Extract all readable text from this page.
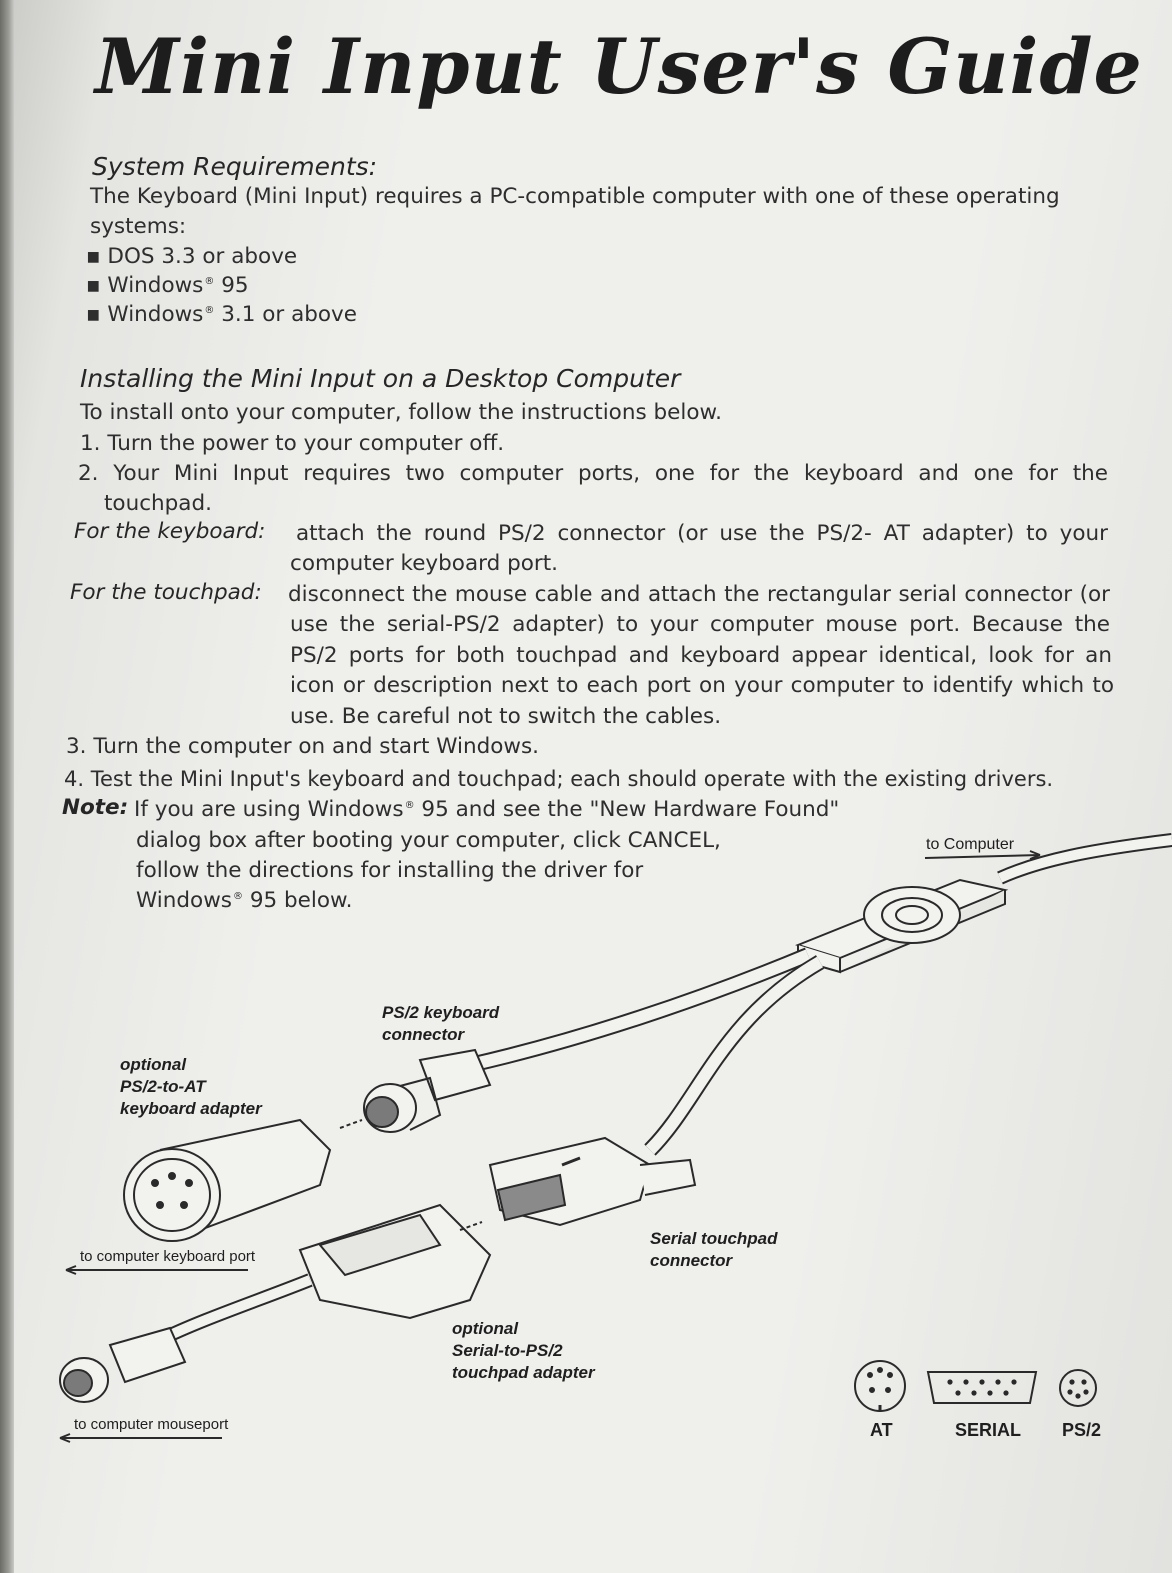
Mini Input User's Guide
System Requirements:
The Keyboard (Mini Input) requires a PC-compatible computer with one of these operating
systems:
▪ DOS 3.3 or above
▪ Windows® 95
▪ Windows® 3.1 or above
Installing the Mini Input on a Desktop Computer
To install onto your computer, follow the instructions below.
1. Turn the power to your computer off.
2. Your Mini Input requires two computer ports, one for the keyboard and one for the
touchpad.
For the keyboard: attach the round PS/2 connector (or use the PS/2- AT adapter) to your
computer keyboard port.
For the touchpad: disconnect the mouse cable and attach the rectangular serial connector (or
use the serial-PS/2 adapter) to your computer mouse port. Because the
PS/2 ports for both touchpad and keyboard appear identical, look for an
icon or description next to each port on your computer to identify which to
use. Be careful not to switch the cables.
3. Turn the computer on and start Windows.
4. Test the Mini Input's keyboard and touchpad; each should operate with the existing drivers.
Note: If you are using Windows® 95 and see the "New Hardware Found"
dialog box after booting your computer, click CANCEL,
follow the directions for installing the driver for
Windows® 95 below.
to Computer
PS/2 keyboard
connector
optional
PS/2-to-AT
keyboard adapter
Serial touchpad
connector
optional
Serial-to-PS/2
touchpad adapter
to computer keyboard port
to computer mouseport	AT	SERIAL PS/2
